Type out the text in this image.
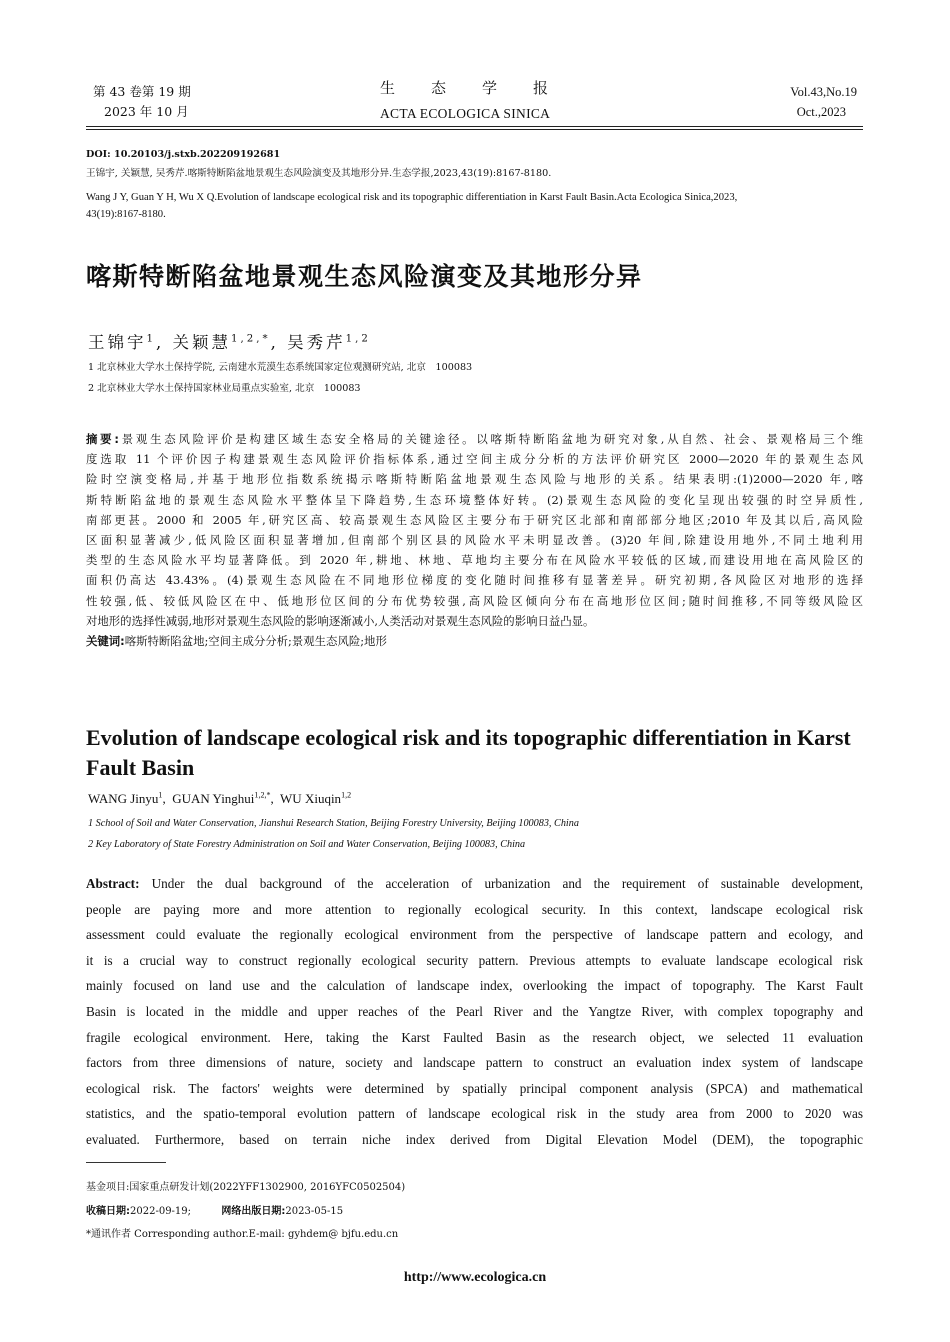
第 43 卷第 19 期
2023 年 10 月
生　　态　　学　　报
ACTA ECOLOGICA SINICA
Vol.43,No.19
Oct.,2023
DOI: 10.20103/j.stxb.202209192681
王锦宇, 关颖慧, 吴秀芹.喀斯特断陷盆地景观生态风险演变及其地形分异.生态学报,2023,43(19):8167-8180.
Wang J Y, Guan Y H, Wu X Q.Evolution of landscape ecological risk and its topographic differentiation in Karst Fault Basin.Acta Ecologica Sinica,2023,
43(19):8167-8180.
喀斯特断陷盆地景观生态风险演变及其地形分异
王锦宇$^1$, 关颖慧$^{1,2,*}$, 吴秀芹$^{1,2}$
1 北京林业大学水土保持学院, 云南建水荒漠生态系统国家定位观测研究站, 北京　100083
2 北京林业大学水土保持国家林业局重点实验室, 北京　100083
摘要:景观生态风险评价是构建区域生态安全格局的关键途径。以喀斯特断陷盆地为研究对象,从自然、社会、景观格局三个维
度选取 11 个评价因子构建景观生态风险评价指标体系,通过空间主成分分析的方法评价研究区 2000—2020 年的景观生态风
险时空演变格局,并基于地形位指数系统揭示喀斯特断陷盆地景观生态风险与地形的关系。结果表明:(1)2000—2020 年,喀
斯特断陷盆地的景观生态风险水平整体呈下降趋势,生态环境整体好转。(2)景观生态风险的变化呈现出较强的时空异质性,
南部更甚。2000 和 2005 年,研究区高、较高景观生态风险区主要分布于研究区北部和南部部分地区;2010 年及其以后,高风险
区面积显著减少,低风险区面积显著增加,但南部个别区县的风险水平未明显改善。(3)20 年间,除建设用地外,不同土地利用
类型的生态风险水平均显著降低。到 2020 年,耕地、林地、草地均主要分布在风险水平较低的区域,而建设用地在高风险区的
面积仍高达 43.43%。(4)景观生态风险在不同地形位梯度的变化随时间推移有显著差异。研究初期,各风险区对地形的选择
性较强,低、较低风险区在中、低地形位区间的分布优势较强,高风险区倾向分布在高地形位区间;随时间推移,不同等级风险区
对地形的选择性减弱,地形对景观生态风险的影响逐渐减小,人类活动对景观生态风险的影响日益凸显。
关键词:喀斯特断陷盆地;空间主成分分析;景观生态风险;地形
Evolution of landscape ecological risk and its topographic differentiation in Karst
Fault Basin
WANG Jinyu$^1$,  GUAN Yinghui$^{1,2,*}$,  WU Xiuqin$^{1,2}$
1 School of Soil and Water Conservation, Jianshui Research Station, Beijing Forestry University, Beijing 100083, China
2 Key Laboratory of State Forestry Administration on Soil and Water Conservation, Beijing 100083, China
Abstract: Under the dual background of the acceleration of urbanization and the requirement of sustainable development,
people are paying more and more attention to regionally ecological security. In this context, landscape ecological risk
assessment could evaluate the regionally ecological environment from the perspective of landscape pattern and ecology, and
it is a crucial way to construct regionally ecological security pattern. Previous attempts to evaluate landscape ecological risk
mainly focused on land use and the calculation of landscape index, overlooking the impact of topography. The Karst Fault
Basin is located in the middle and upper reaches of the Pearl River and the Yangtze River, with complex topography and
fragile ecological environment. Here, taking the Karst Faulted Basin as the research object, we selected 11 evaluation
factors from three dimensions of nature, society and landscape pattern to construct an evaluation index system of landscape
ecological risk. The factors' weights were determined by spatially principal component analysis (SPCA) and mathematical
statistics, and the spatio-temporal evolution pattern of landscape ecological risk in the study area from 2000 to 2020 was
evaluated. Furthermore, based on terrain niche index derived from Digital Elevation Model (DEM), the topographic
基金项目:国家重点研发计划(2022YFF1302900, 2016YFC0502504)
收稿日期:2022-09-19;	网络出版日期:2023-05-15
*通讯作者 Corresponding author.E-mail: gyhdem@ bjfu.edu.cn
http://www.ecologica.cn
